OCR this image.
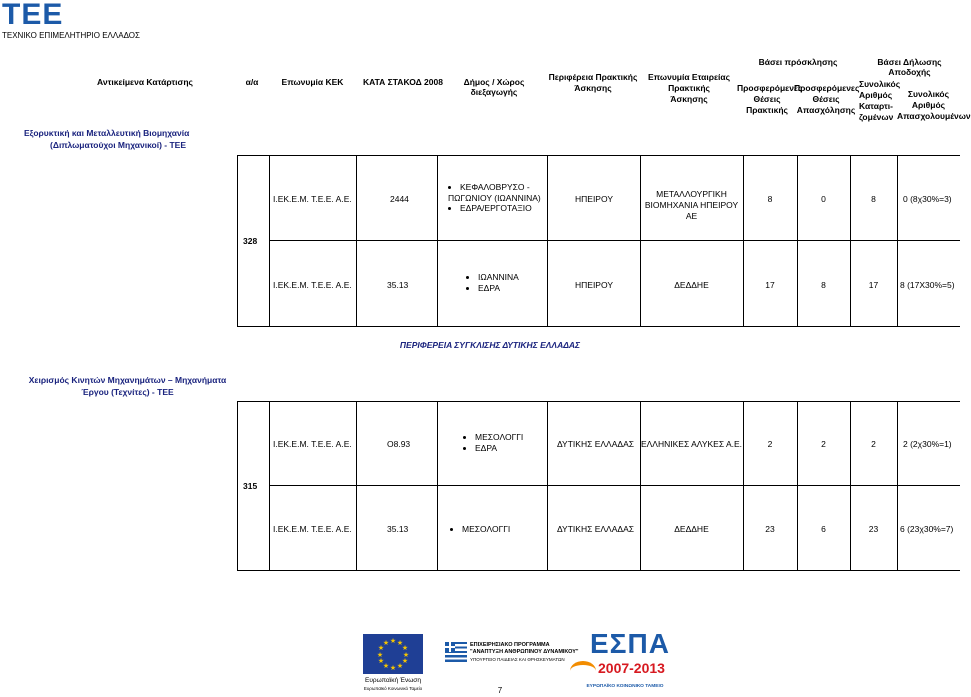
ΤΕΕ
ΤΕΧΝΙΚΟ ΕΠΙΜΕΛΗΤΗΡΙΟ ΕΛΛΑΔΟΣ
Βάσει πρόσκλησης	Βάσει Δήλωσης Αποδοχής
Αντικείμενα Κατάρτισης	α/α	Επωνυμία ΚΕΚ	ΚΑΤΑ ΣΤΑΚΟΔ 2008	Δήμος / Χώρος διεξαγωγής
Περιφέρεια Πρακτικής
Άσκησης
Επωνυμία Εταιρείας Πρακτικής
Άσκησης
Προσφερόμενες
Θέσεις
Πρακτικής
Προσφερόμενες
Θέσεις
Απασχόλησης
Συνολικός
Αριθμός
Καταρτι-
ζομένων
Συνολικός Αριθμός
Απασχολουμένων
Εξορυκτική και Μεταλλευτική Βιομηχανία
(Διπλωματούχοι Μηχανικοί) - ΤΕΕ
328
Ι.ΕΚ.Ε.Μ. Τ.Ε.Ε. Α.Ε.	2444
• ΚΕΦΑΛΟΒΡΥΣΟ -
ΠΩΓΩΝΙΟΥ (ΙΩΑΝΝΙΝΑ)
• ΕΔΡΑ/ΕΡΓΟΤΑΞΙΟ
ΗΠΕΙΡΟΥ	ΜΕΤΑΛΛΟΥΡΓΙΚΗ
ΒΙΟΜΗΧΑΝΙΑ ΗΠΕΙΡΟΥ ΑΕ
8	0	8	0 (8χ30%=3)
Ι.ΕΚ.Ε.Μ. Τ.Ε.Ε. Α.Ε.	35.13
• ΙΩΑΝΝΙΝΑ
• ΕΔΡΑ	ΗΠΕΙΡΟΥ	ΔΕΔΔΗΕ	17	8	17	8 (17Χ30%=5)
ΠΕΡΙΦΕΡΕΙΑ ΣΥΓΚΛΙΣΗΣ ΔΥΤΙΚΗΣ ΕΛΛΑΔΑΣ
Χειρισμός Κινητών Μηχανημάτων – Μηχανήματα
Έργου (Τεχνίτες) - ΤΕΕ
315
Ι.ΕΚ.Ε.Μ. Τ.Ε.Ε. Α.Ε.	Ο8.93
• ΜΕΣΟΛΟΓΓΙ
• ΕΔΡΑ	ΔΥΤΙΚΗΣ ΕΛΛΑΔΑΣ ΕΛΛΗΝΙΚΕΣ ΑΛΥΚΕΣ Α.Ε.	2	2	2	2 (2χ30%=1)
Ι.ΕΚ.Ε.Μ. Τ.Ε.Ε. Α.Ε.	35.13
•	ΜΕΣΟΛΟΓΓΙ	ΔΥΤΙΚΗΣ ΕΛΛΑΔΑΣ	ΔΕΔΔΗΕ	23	6	23	6 (23χ30%=7)
★ ★
★
★
★
★
★
★
★
★
★
★
Ευρωπαϊκή Ένωση
Ευρωπαϊκό Κοινωνικό Ταμείο
ΕΠΙΧΕΙΡΗΣΙΑΚΟ ΠΡΟΓΡΑΜΜΑ
"ΑΝΑΠΤΥΞΗ ΑΝΘΡΩΠΙΝΟΥ ΔΥΝΑΜΙΚΟΥ"
ΥΠΟΥΡΓΕΙΟ ΠΑΙΔΕΙΑΣ ΚΑΙ ΘΡΗΣΚΕΥΜΑΤΩΝ
ΕΣΠΑ
2007-2013
ΕΥΡΩΠΑΪΚΟ ΚΟΙΝΩΝΙΚΟ ΤΑΜΕΙΟ
7
